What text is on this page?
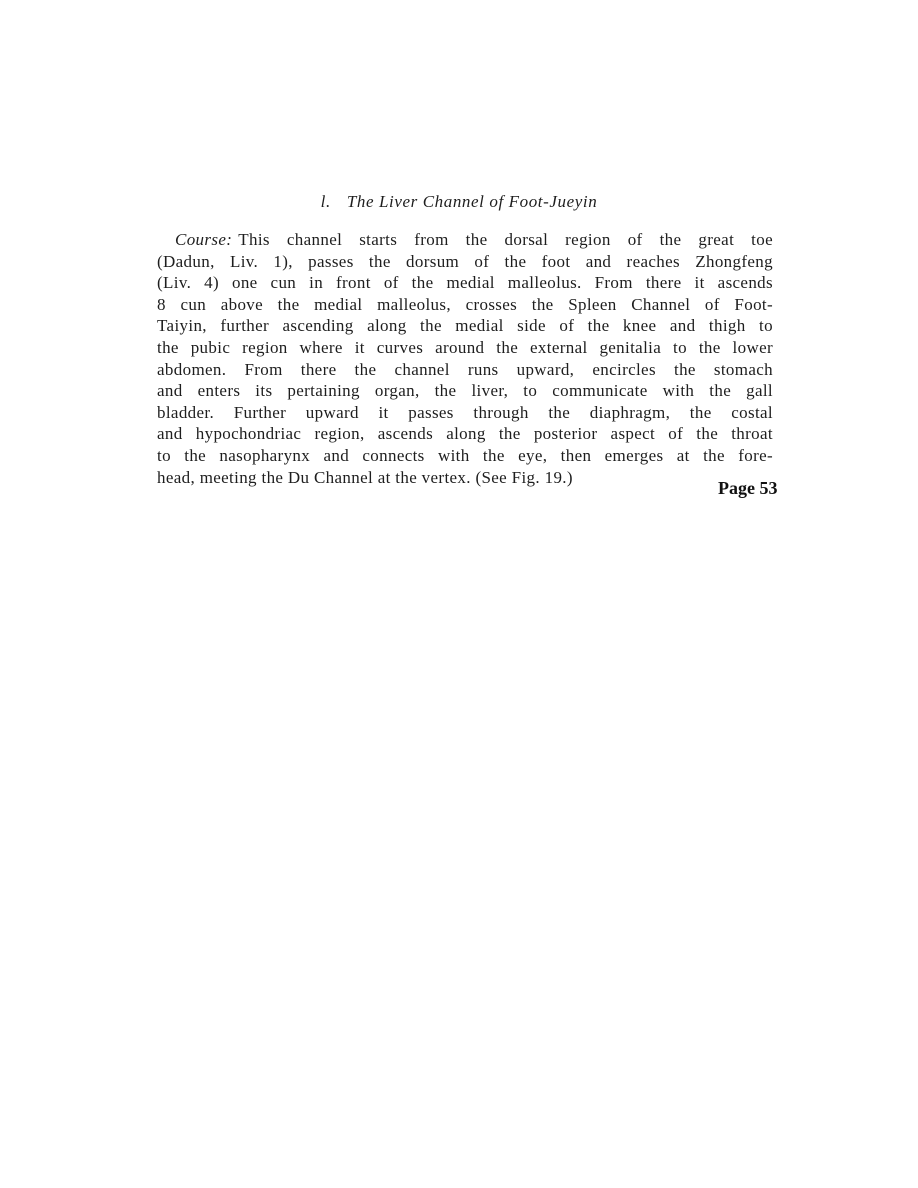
l. The Liver Channel of Foot-Jueyin
Course: This channel starts from the dorsal region of the great toe
(Dadun, Liv. 1), passes the dorsum of the foot and reaches Zhongfeng
(Liv. 4) one cun in front of the medial malleolus. From there it ascends
8 cun above the medial malleolus, crosses the Spleen Channel of Foot-
Taiyin, further ascending along the medial side of the knee and thigh to
the pubic region where it curves around the external genitalia to the lower
abdomen. From there the channel runs upward, encircles the stomach
and enters its pertaining organ, the liver, to communicate with the gall
bladder. Further upward it passes through the diaphragm, the costal
and hypochondriac region, ascends along the posterior aspect of the throat
to the nasopharynx and connects with the eye, then emerges at the fore-
head, meeting the Du Channel at the vertex. (See Fig. 19.)
Page 53
